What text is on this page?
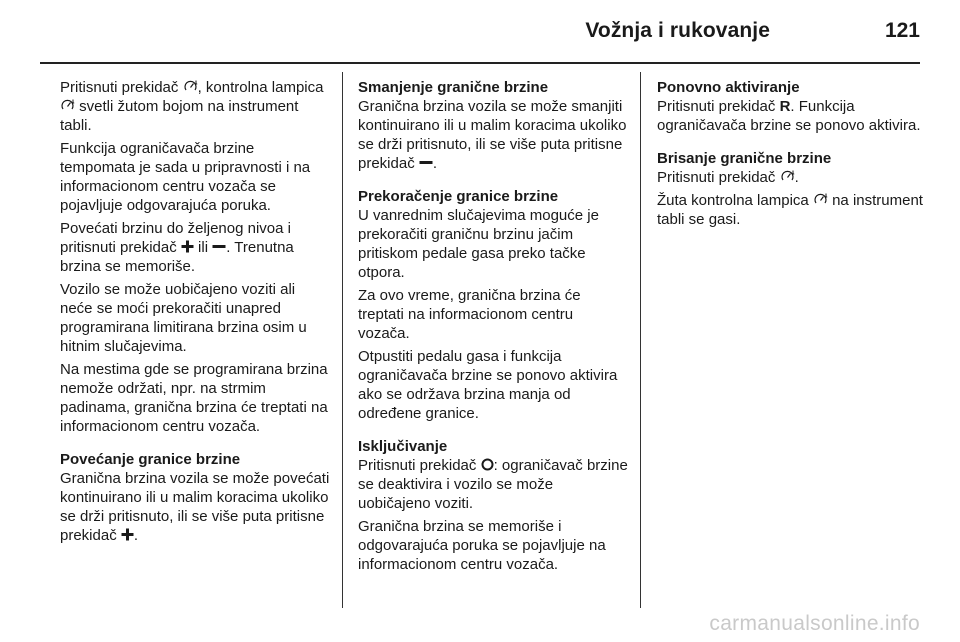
Vožnja i rukovanje	121

Pritisnuti prekidač , kontrolna lampica  svetli žutom bojom na instrument tabli.

Funkcija ograničavača brzine tempomata je sada u pripravnosti i na informacionom centru vozača se pojavljuje odgovarajuća poruka.

Povećati brzinu do željenog nivoa i pritisnuti prekidač  ili . Trenutna brzina se memoriše.

Vozilo se može uobičajeno voziti ali neće se moći prekoračiti unapred programirana limitirana brzina osim u hitnim slučajevima.

Na mestima gde se programirana brzina nemože održati, npr. na strmim padinama, granična brzina će treptati na informacionom centru vozača.

Povećanje granice brzine

Granična brzina vozila se može povećati kontinuirano ili u malim koracima ukoliko se drži pritisnuto, ili se više puta pritisne prekidač .

Smanjenje granične brzine

Granična brzina vozila se može smanjiti kontinuirano ili u malim koracima ukoliko se drži pritisnuto, ili se više puta pritisne prekidač .

Prekoračenje granice brzine

U vanrednim slučajevima moguće je prekoračiti graničnu brzinu jačim pritiskom pedale gasa preko tačke otpora.

Za ovo vreme, granična brzina će treptati na informacionom centru vozača.

Otpustiti pedalu gasa i funkcija ograničavača brzine se ponovo aktivira ako se održava brzina manja od određene granice.

Isključivanje

Pritisnuti prekidač : ograničavač brzine se deaktivira i vozilo se može uobičajeno voziti.

Granična brzina se memoriše i odgovarajuća poruka se pojavljuje na informacionom centru vozača.

Ponovno aktiviranje

Pritisnuti prekidač R. Funkcija ograničavača brzine se ponovo aktivira.

Brisanje granične brzine

Pritisnuti prekidač .

Žuta kontrolna lampica  na instrument tabli se gasi.

carmanualsonline.info
